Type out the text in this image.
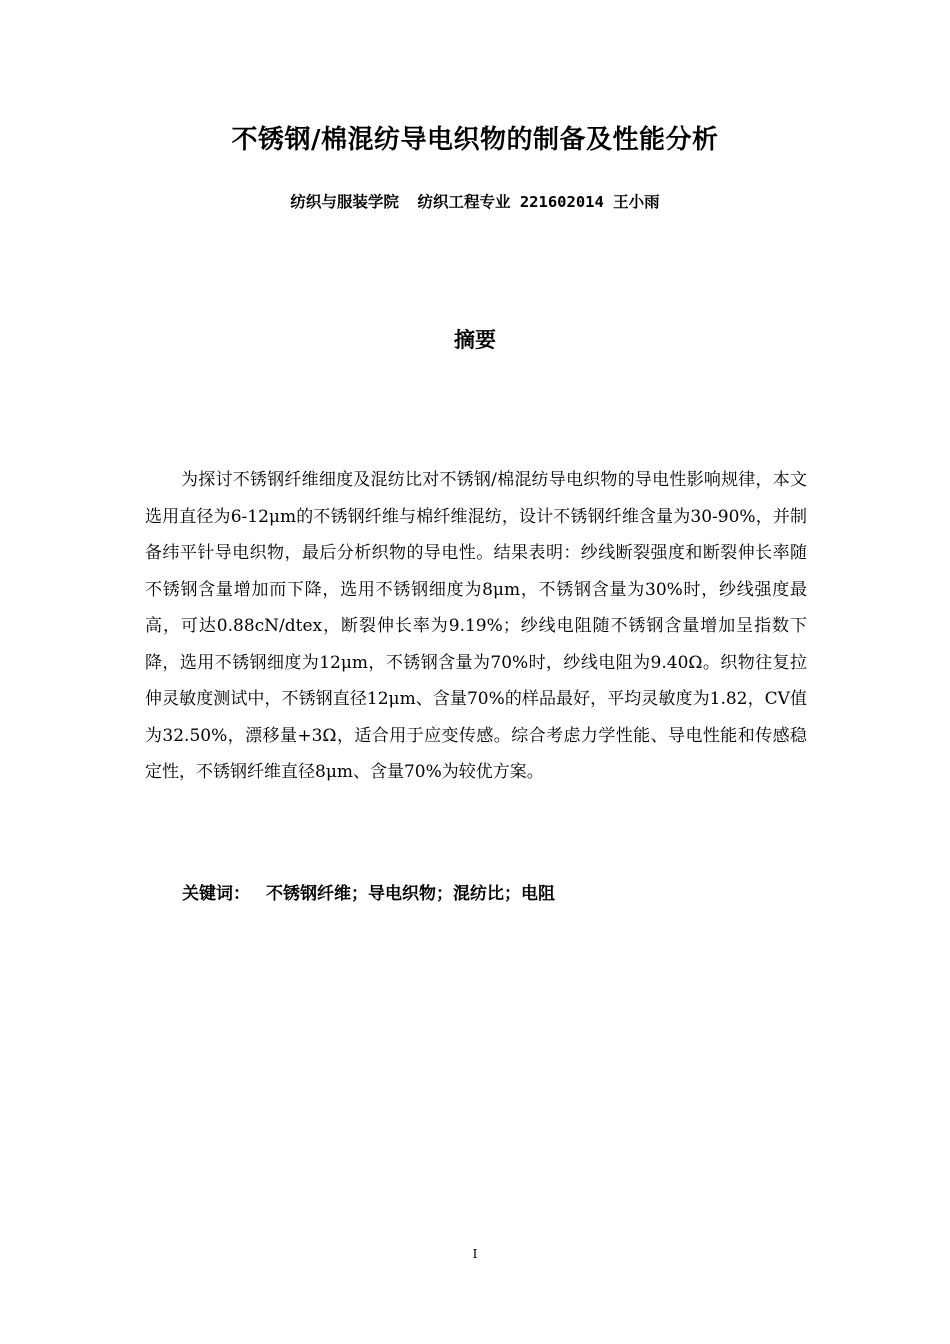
不锈钢/棉混纺导电织物的制备及性能分析
纺织与服装学院  纺织工程专业 221602014 王小雨
摘要

为探讨不锈钢纤维细度及混纺比对不锈钢/棉混纺导电织物的导电性影响规律，本文选用直径为6-12μm的不锈钢纤维与棉纤维混纺，设计不锈钢纤维含量为30-90%，并制备纬平针导电织物，最后分析织物的导电性。结果表明：纱线断裂强度和断裂伸长率随不锈钢含量增加而下降，选用不锈钢细度为8μm，不锈钢含量为30%时，纱线强度最高，可达0.88cN/dtex，断裂伸长率为9.19%；纱线电阻随不锈钢含量增加呈指数下降，选用不锈钢细度为12μm，不锈钢含量为70%时，纱线电阻为9.40Ω。织物往复拉伸灵敏度测试中，不锈钢直径12μm、含量70%的样品最好，平均灵敏度为1.82，CV值为32.50%，漂移量+3Ω，适合用于应变传感。综合考虑力学性能、导电性能和传感稳定性，不锈钢纤维直径8μm、含量70%为较优方案。

关键词： 不锈钢纤维；导电织物；混纺比；电阻
I
